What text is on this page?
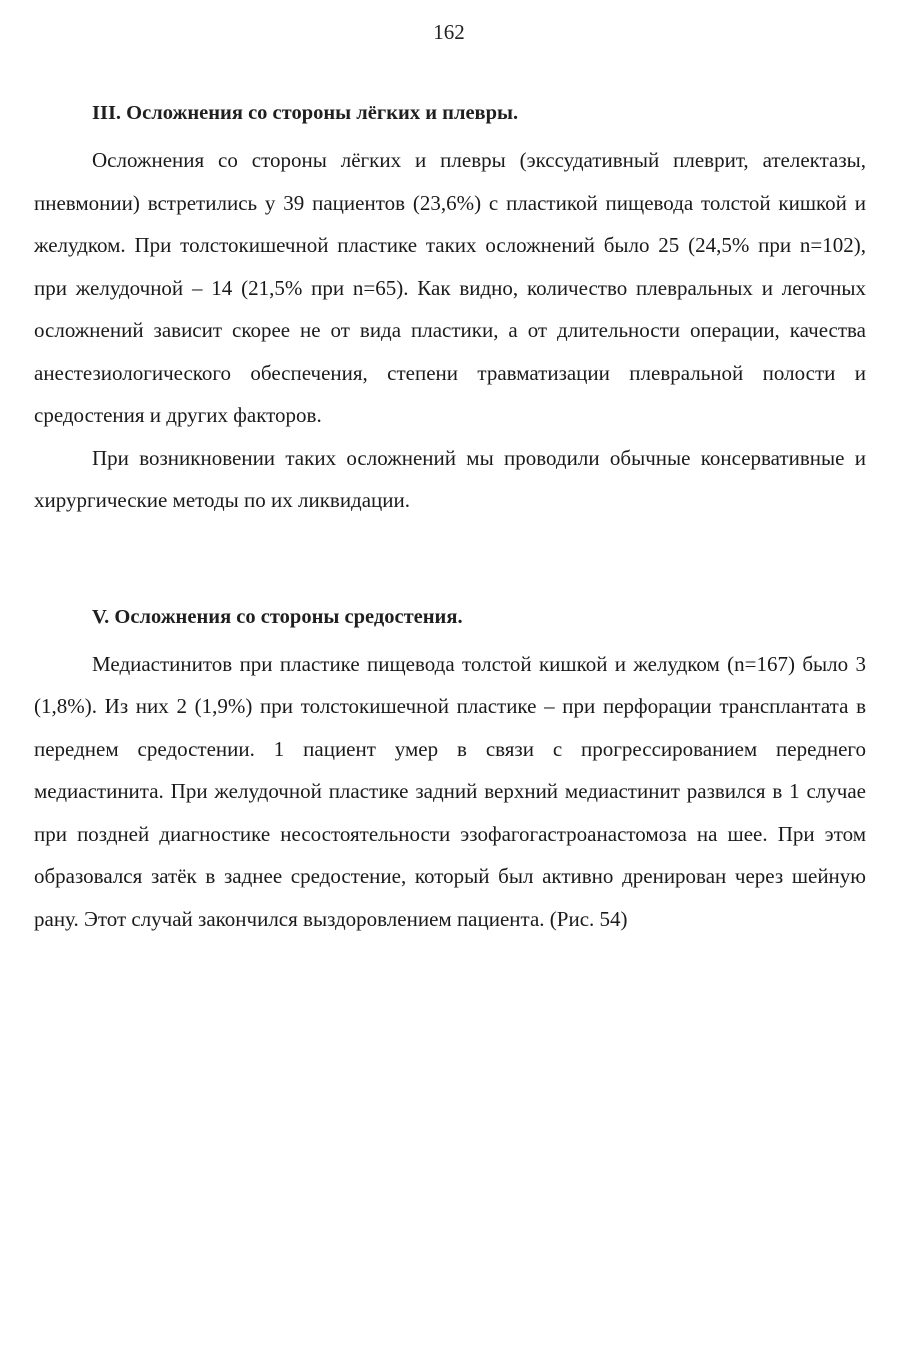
162

III. Осложнения со стороны лёгких и плевры.

Осложнения со стороны лёгких и плевры (экссудативный плеврит, ателектазы, пневмонии) встретились у 39 пациентов (23,6%) с пластикой пищевода толстой кишкой и желудком. При толстокишечной пластике таких осложнений было 25 (24,5% при n=102), при желудочной – 14 (21,5% при n=65). Как видно, количество плевральных и легочных осложнений зависит скорее не от вида пластики, а от длительности операции, качества анестезиологического обеспечения, степени травматизации плевральной полости и средостения и других факторов.

При возникновении таких осложнений мы проводили обычные консервативные и хирургические методы по их ликвидации.

V. Осложнения со стороны средостения.

Медиастинитов при пластике пищевода толстой кишкой и желудком (n=167) было 3 (1,8%). Из них 2 (1,9%) при толстокишечной пластике – при перфорации трансплантата в переднем средостении. 1 пациент умер в связи с прогрессированием переднего медиастинита. При желудочной пластике задний верхний медиастинит развился в 1 случае при поздней диагностике несостоятельности эзофагогастроанастомоза на шее. При этом образовался затёк в заднее средостение, который был активно дренирован через шейную рану. Этот случай закончился выздоровлением пациента. (Рис. 54)
